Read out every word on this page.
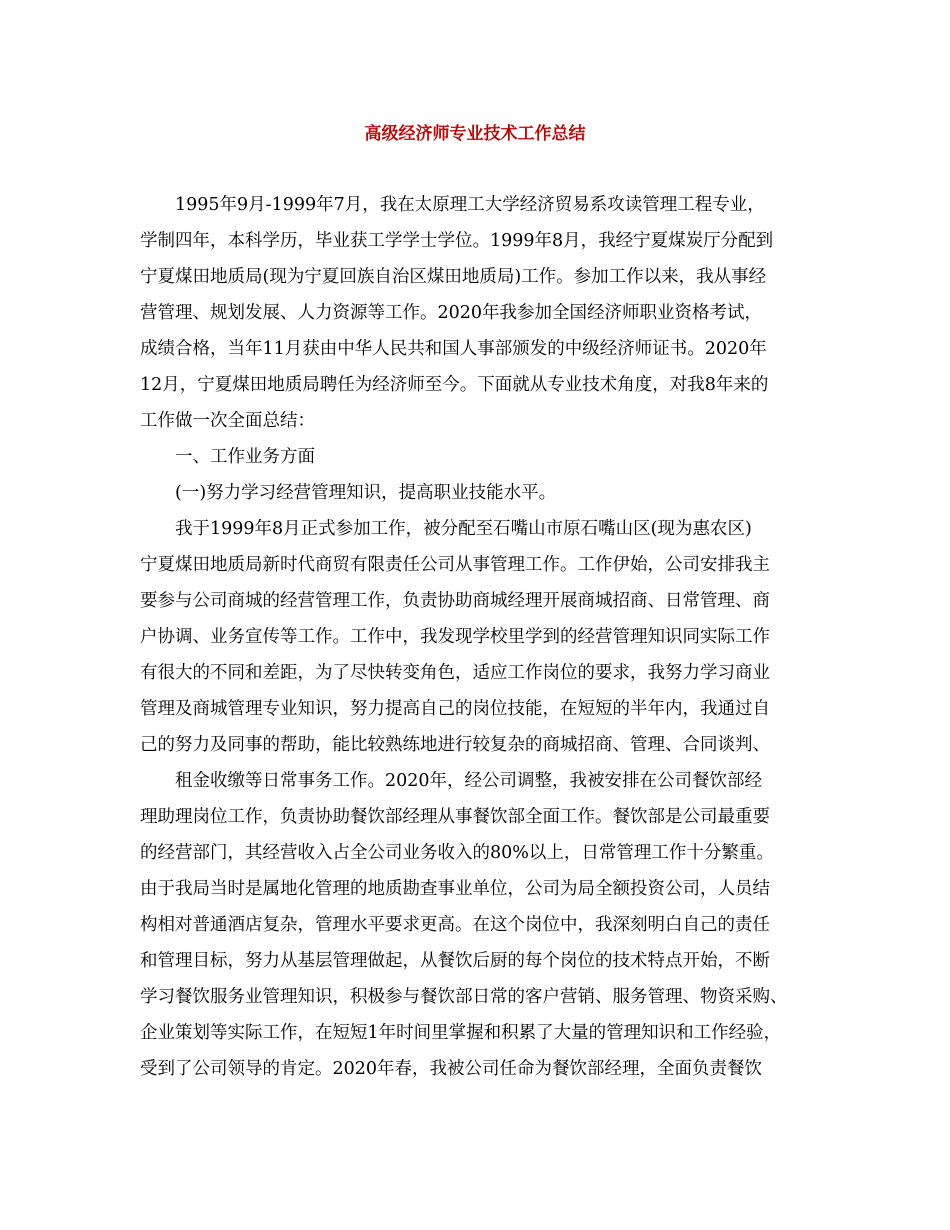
高级经济师专业技术工作总结
1995年9月-1999年7月，我在太原理工大学经济贸易系攻读管理工程专业，
学制四年，本科学历，毕业获工学学士学位。1999年8月，我经宁夏煤炭厅分配到
宁夏煤田地质局(现为宁夏回族自治区煤田地质局)工作。参加工作以来，我从事经
营管理、规划发展、人力资源等工作。2020年我参加全国经济师职业资格考试，
成绩合格，当年11月获由中华人民共和国人事部颁发的中级经济师证书。2020年
12月，宁夏煤田地质局聘任为经济师至今。下面就从专业技术角度，对我8年来的
工作做一次全面总结：
一、工作业务方面
(一)努力学习经营管理知识，提高职业技能水平。
我于1999年8月正式参加工作，被分配至石嘴山市原石嘴山区(现为惠农区)
宁夏煤田地质局新时代商贸有限责任公司从事管理工作。工作伊始，公司安排我主
要参与公司商城的经营管理工作，负责协助商城经理开展商城招商、日常管理、商
户协调、业务宣传等工作。工作中，我发现学校里学到的经营管理知识同实际工作
有很大的不同和差距，为了尽快转变角色，适应工作岗位的要求，我努力学习商业
管理及商城管理专业知识，努力提高自己的岗位技能，在短短的半年内，我通过自
己的努力及同事的帮助，能比较熟练地进行较复杂的商城招商、管理、合同谈判、
租金收缴等日常事务工作。2020年，经公司调整，我被安排在公司餐饮部经
理助理岗位工作，负责协助餐饮部经理从事餐饮部全面工作。餐饮部是公司最重要
的经营部门，其经营收入占全公司业务收入的80%以上，日常管理工作十分繁重。
由于我局当时是属地化管理的地质勘查事业单位，公司为局全额投资公司，人员结
构相对普通酒店复杂，管理水平要求更高。在这个岗位中，我深刻明白自己的责任
和管理目标，努力从基层管理做起，从餐饮后厨的每个岗位的技术特点开始，不断
学习餐饮服务业管理知识，积极参与餐饮部日常的客户营销、服务管理、物资采购、
企业策划等实际工作，在短短1年时间里掌握和积累了大量的管理知识和工作经验，
受到了公司领导的肯定。2020年春，我被公司任命为餐饮部经理，全面负责餐饮
